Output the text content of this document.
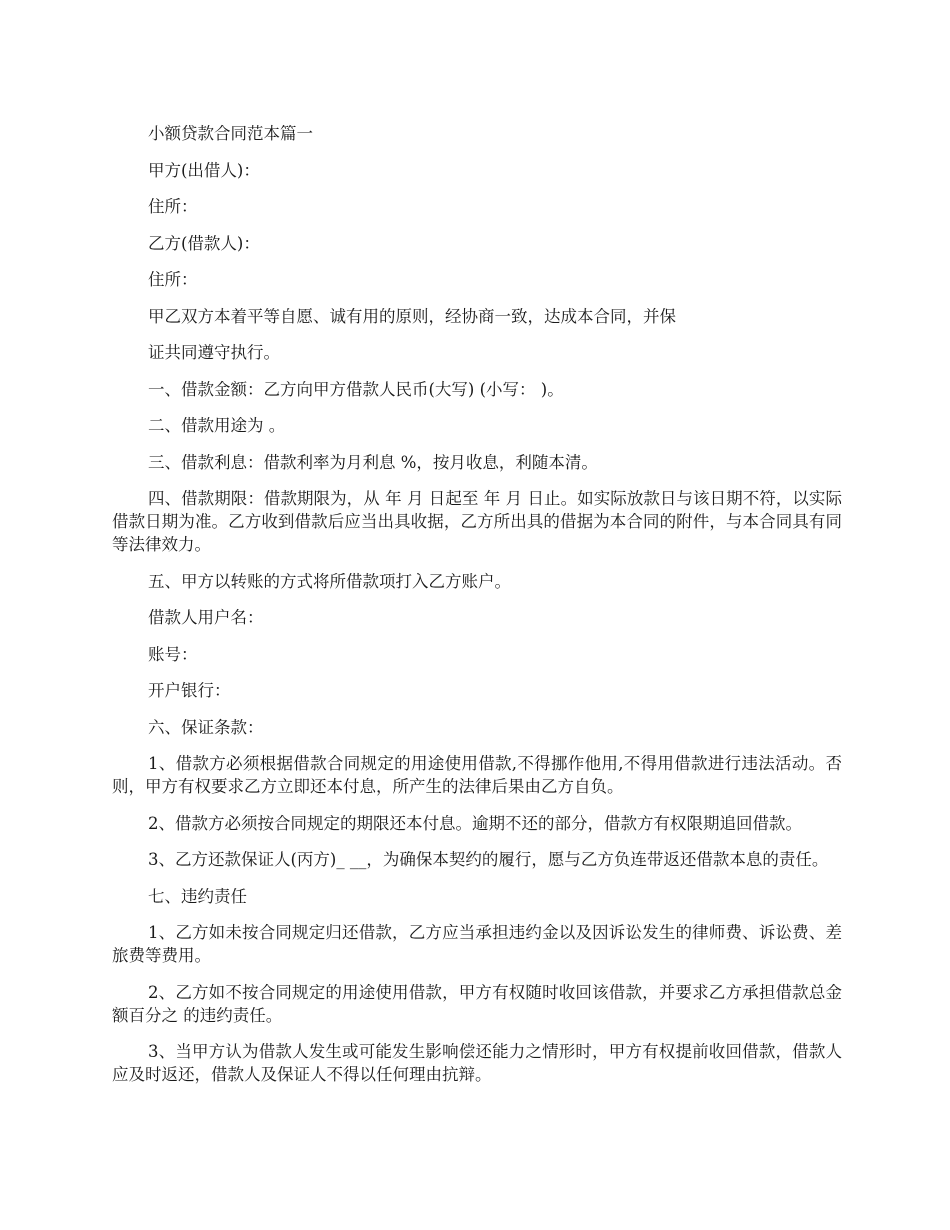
小额贷款合同范本篇一

甲方(出借人)：

住所：

乙方(借款人)：

住所：

甲乙双方本着平等自愿、诚有用的原则，经协商一致，达成本合同，并保

证共同遵守执行。

一、借款金额：乙方向甲方借款人民币(大写) (小写： )。

二、借款用途为 。

三、借款利息：借款利率为月利息 %，按月收息，利随本清。

四、借款期限：借款期限为，从 年 月 日起至 年 月 日止。如实际放款日与该日期不符，以实际借款日期为准。乙方收到借款后应当出具收据，乙方所出具的借据为本合同的附件，与本合同具有同等法律效力。

五、甲方以转账的方式将所借款项打入乙方账户。

借款人用户名：

账号：

开户银行：

六、保证条款：

1、借款方必须根据借款合同规定的用途使用借款,不得挪作他用,不得用借款进行违法活动。否则，甲方有权要求乙方立即还本付息，所产生的法律后果由乙方自负。

2、借款方必须按合同规定的期限还本付息。逾期不还的部分，借款方有权限期追回借款。

3、乙方还款保证人(丙方)_ __，为确保本契约的履行，愿与乙方负连带返还借款本息的责任。

七、违约责任

1、乙方如未按合同规定归还借款，乙方应当承担违约金以及因诉讼发生的律师费、诉讼费、差旅费等费用。

2、乙方如不按合同规定的用途使用借款，甲方有权随时收回该借款，并要求乙方承担借款总金额百分之 的违约责任。

3、当甲方认为借款人发生或可能发生影响偿还能力之情形时，甲方有权提前收回借款，借款人应及时返还，借款人及保证人不得以任何理由抗辩。
